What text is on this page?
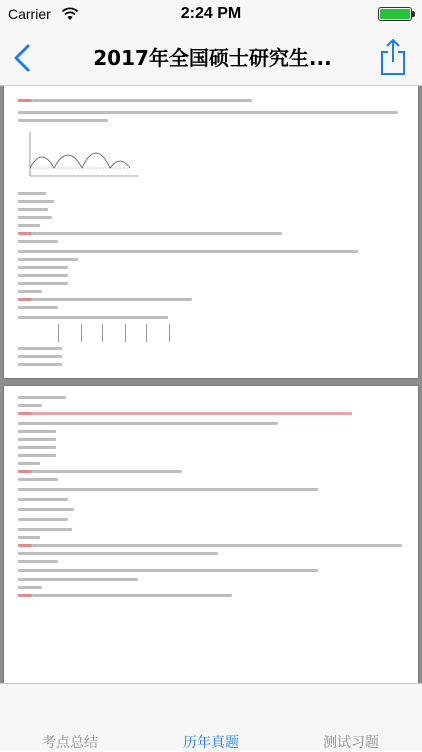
Carrier	2:24 PM
2017年全国硕士研究生...
考点总结	历年真题	测试习题
